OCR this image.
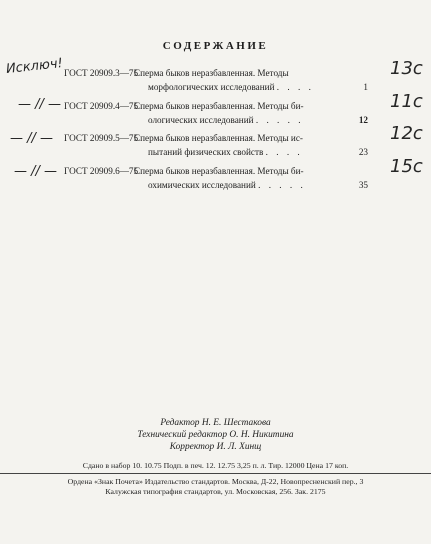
СОДЕРЖАНИЕ
Исключ! ГОСТ 20909.3—75
Сперма быков неразбавленная. Методы
морфологических исследований . . . .	1
13с
— // — ГОСТ 20909.4—75
Сперма быков неразбавленная. Методы би-
ологических исследований . . . . .	12
11с
— // — ГОСТ 20909.5—75
Сперма быков неразбавленная. Методы ис-
пытаний физических свойств . . . .	23
12с
— // — ГОСТ 20909.6—75
Сперма быков неразбавленная. Методы би-
охимических исследований . . . . .	35
15с
Редактор Н. Е. Шестакова
Технический редактор О. Н. Никитина
Корректор И. Л. Хинщ
Сдано в набор 10. 10.75 Подп. в печ. 12. 12.75 3,25 п. л. Тир. 12000 Цена 17 коп.
Ордена «Знак Почета» Издательство стандартов. Москва, Д-22, Новопресненский пер., 3
Калужская типография стандартов, ул. Московская, 256. Зак. 2175
